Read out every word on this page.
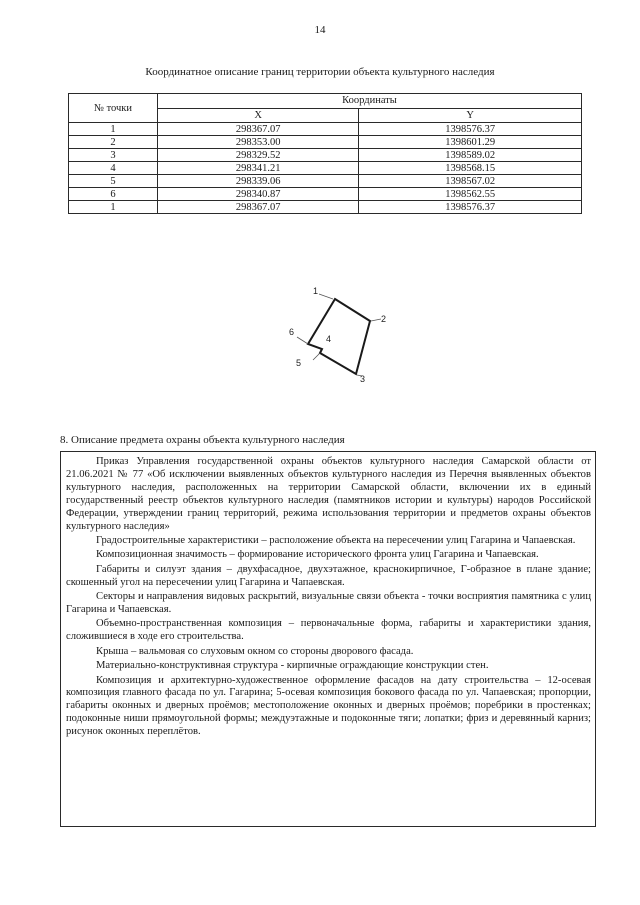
14
Координатное описание границ территории объекта культурного наследия
№ точки	Координаты	
	X	Y
1	298367.07	1398576.37
2	298353.00	1398601.29
3	298329.52	1398589.02
4	298341.21	1398568.15
5	298339.06	1398567.02
6	298340.87	1398562.55
1	298367.07	1398576.37
1
2
3
4
5
6
8. Описание предмета охраны объекта культурного наследия

Приказ Управления государственной охраны объектов культурного наследия Самарской области от 21.06.2021 № 77 «Об исключении выявленных объектов культурного наследия из Перечня выявленных объектов культурного наследия, расположенных на территории Самарской области, включении их в единый государственный реестр объектов культурного наследия (памятников истории и культуры) народов Российской Федерации, утверждении границ территорий, режима использования территории и предметов охраны объектов культурного наследия»

Градостроительные характеристики – расположение объекта на пересечении улиц Гагарина и Чапаевская.

Композиционная значимость – формирование исторического фронта улиц Гагарина и Чапаевская.

Габариты и силуэт здания – двухфасадное, двухэтажное, краснокирпичное, Г-образное в плане здание; скошенный угол на пересечении улиц Гагарина и Чапаевская.

Секторы и направления видовых раскрытий, визуальные связи объекта - точки восприятия памятника с улиц Гагарина и Чапаевская.

Объемно-пространственная композиция – первоначальные форма, габариты и характеристики здания, сложившиеся в ходе его строительства.

Крыша – вальмовая со слуховым окном со стороны дворового фасада.

Материально-конструктивная структура - кирпичные ограждающие конструкции стен.

Композиция и архитектурно-художественное оформление фасадов на дату строительства – 12-осевая композиция главного фасада по ул. Гагарина; 5-осевая композиция бокового фасада по ул. Чапаевская; пропорции, габариты оконных и дверных проёмов; местоположение оконных и дверных проёмов; поребрики в простенках; подоконные ниши прямоугольной формы; междуэтажные и подоконные тяги; лопатки; фриз и деревянный карниз; рисунок оконных переплётов.
